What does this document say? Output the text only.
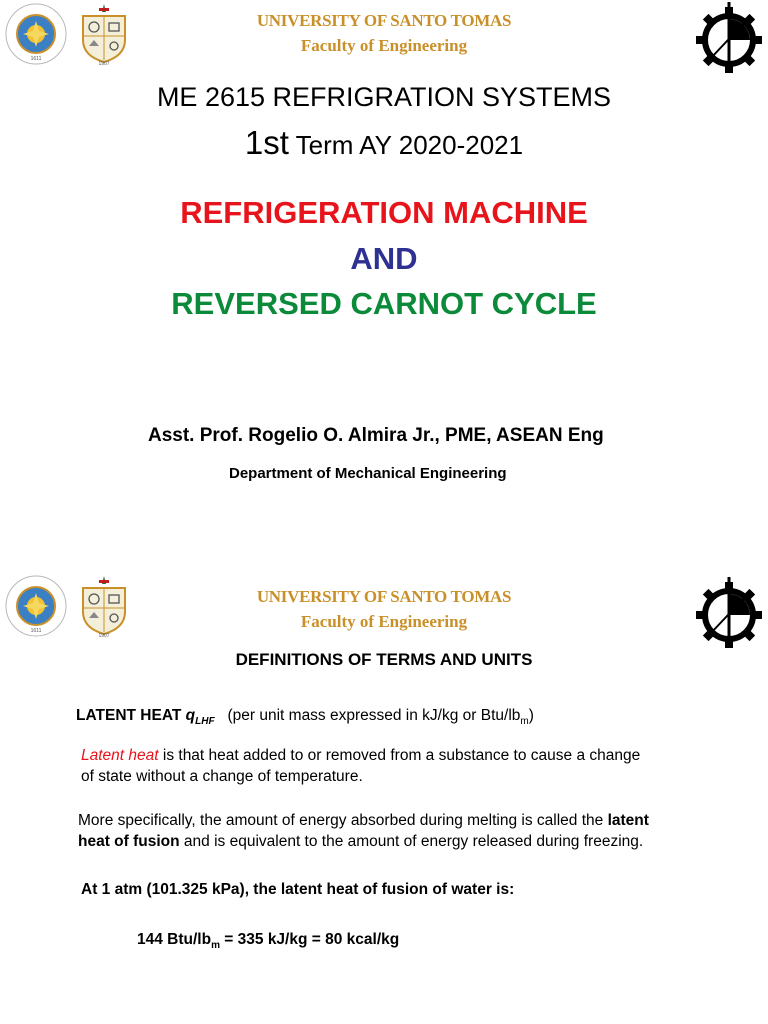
1611
1907
UNIVERSITY OF SANTO TOMAS
Faculty of Engineering
ME 2615 REFRIGRATION SYSTEMS
1st Term AY 2020-2021
REFRIGERATION MACHINE
AND
REVERSED CARNOT CYCLE
Asst. Prof. Rogelio O. Almira Jr., PME, ASEAN Eng
Department of Mechanical Engineering
1611
1907
UNIVERSITY OF SANTO TOMAS
Faculty of Engineering
DEFINITIONS OF TERMS AND UNITS
LATENT HEAT $q_{LHF}$ (per unit mass expressed in kJ/kg or Btu/$lb_m$)
Latent heat is that heat added to or removed from a substance to cause a change
of state without a change of temperature.
More specifically, the amount of energy absorbed during melting is called the latent
heat of fusion and is equivalent to the amount of energy released during freezing.
At 1 atm (101.325 kPa), the latent heat of fusion of water is:
144 Btu/$lb_m = 335$ kJ/kg = 80 kcal/kg
